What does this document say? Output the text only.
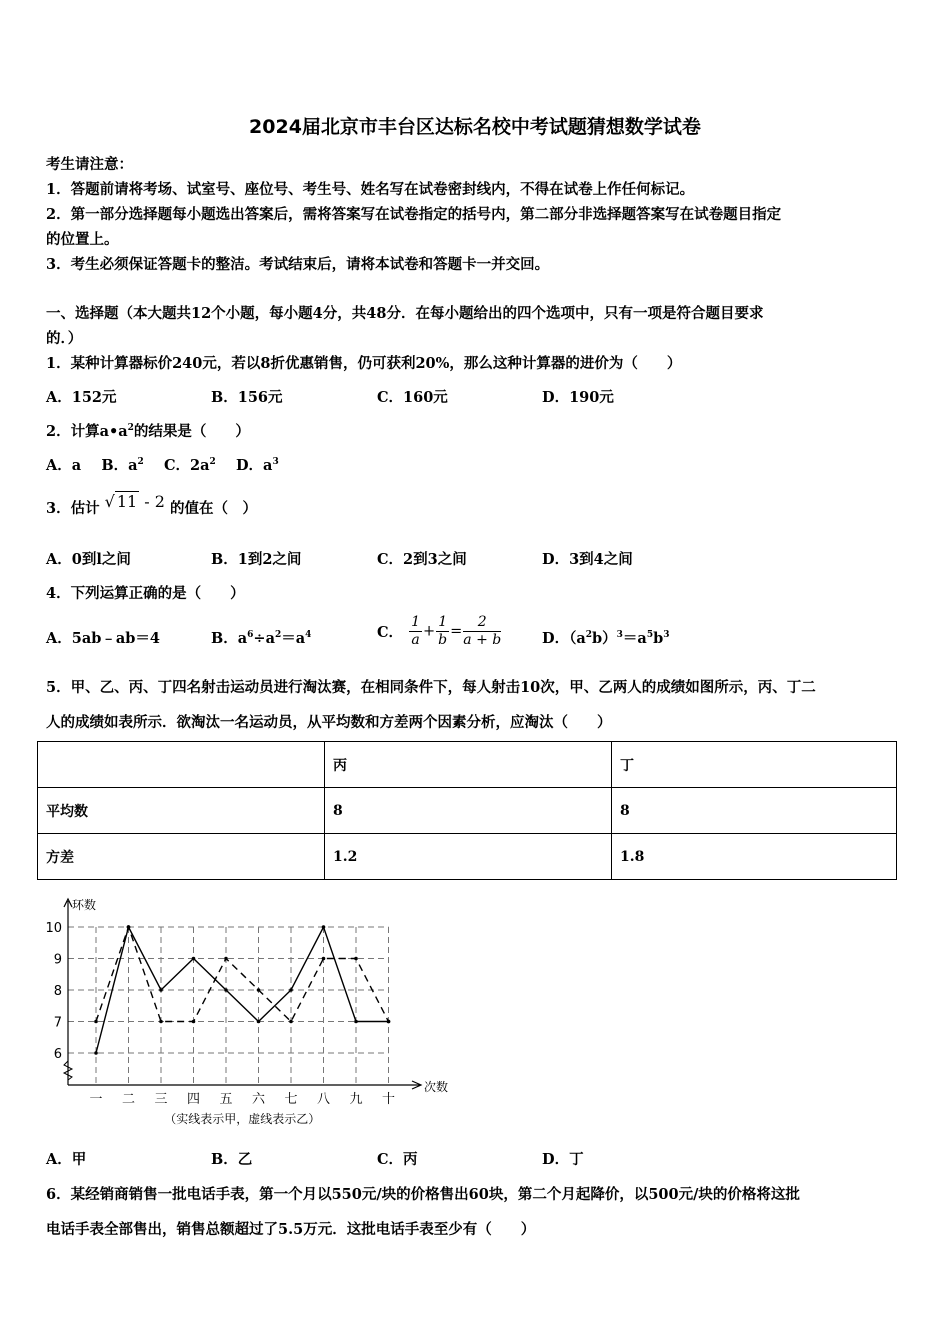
2024届北京市丰台区达标名校中考试题猜想数学试卷
考生请注意：
1．答题前请将考场、试室号、座位号、考生号、姓名写在试卷密封线内，不得在试卷上作任何标记。
2．第一部分选择题每小题选出答案后，需将答案写在试卷指定的括号内，第二部分非选择题答案写在试卷题目指定
的位置上。
3．考生必须保证答题卡的整洁。考试结束后，请将本试卷和答题卡一并交回。
一、选择题（本大题共12个小题，每小题4分，共48分．在每小题给出的四个选项中，只有一项是符合题目要求
的．）
1．某种计算器标价240元，若以8折优惠销售，仍可获利20%，那么这种计算器的进价为（　　）
A．152元	B．156元	C．160元	D．190元
2．计算$a•a^2$的结果是（　　）
A．a B．$a^2$ C．$2a^2$ D．$a^3$
3．估计 √ 11 - 2 的值在（　）
A．0到l之间	B．1到2之间	C．2到3之间	D．3到4之间
4．下列运算正确的是（　　）
A．5ab﹣ab＝4	B．$a^6\div a^2=a^4$	C． $\frac{1}{a} + \frac{1}{b} = \frac{2}{a + b}$	D．$(a^2b)^3=a^5b^3$
5．甲、乙、丙、丁四名射击运动员进行淘汰赛，在相同条件下，每人射击10次，甲、乙两人的成绩如图所示，丙、丁二
人的成绩如表所示．欲淘汰一名运动员，从平均数和方差两个因素分析，应淘汰（　　）
	丙	丁
平均数	8	8
方差	1.2	1.8
6
7
8
9
10
一 二 三 四 五 六 七 八 九 十
环数
次数
（实线表示甲，虚线表示乙）
A．甲	B．乙	C．丙	D．丁
6．某经销商销售一批电话手表，第一个月以550元/块的价格售出60块，第二个月起降价，以500元/块的价格将这批
电话手表全部售出，销售总额超过了5.5万元．这批电话手表至少有（　　）
